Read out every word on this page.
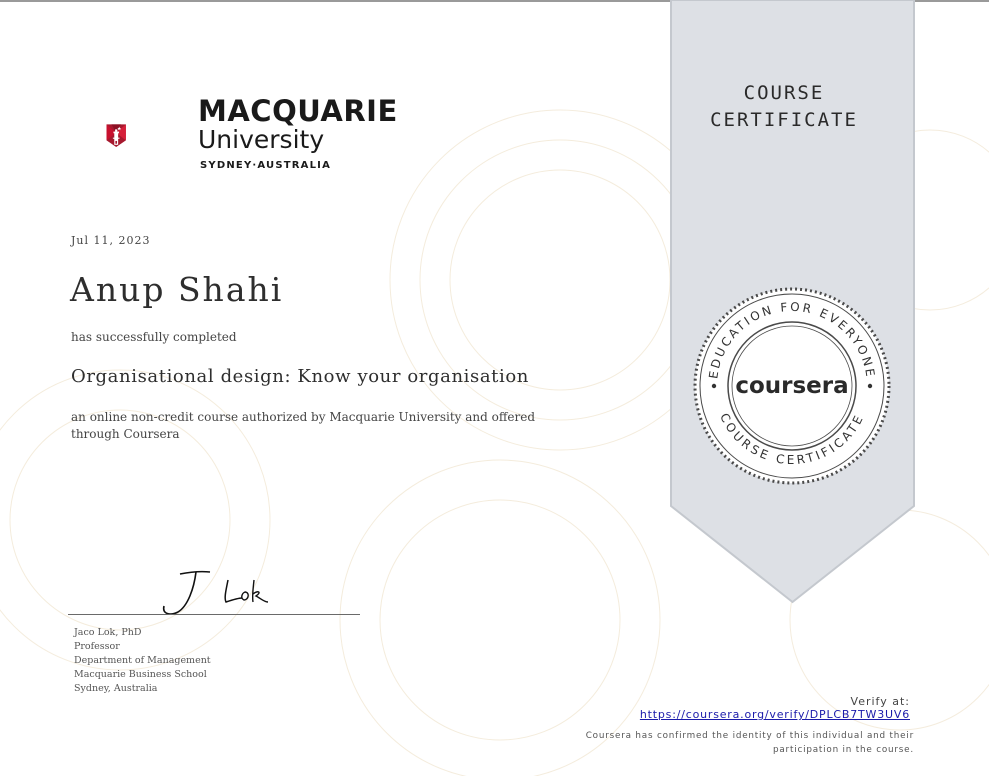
MACQUARIE
University
SYDNEY·AUSTRALIA
Jul 11, 2023
Anup Shahi
has successfully completed
Organisational design: Know your organisation
an online non-credit course authorized by Macquarie University and offered through Coursera
Jaco Lok, PhD
Professor
Department of Management
Macquarie Business School
Sydney, Australia
COURSE
CERTIFICATE
EDUCATION FOR EVERYONE
COURSE CERTIFICATE
coursera
Verify at:
https://coursera.org/verify/DPLCB7TW3UV6
Coursera has confirmed the identity of this individual and their participation in the course.
